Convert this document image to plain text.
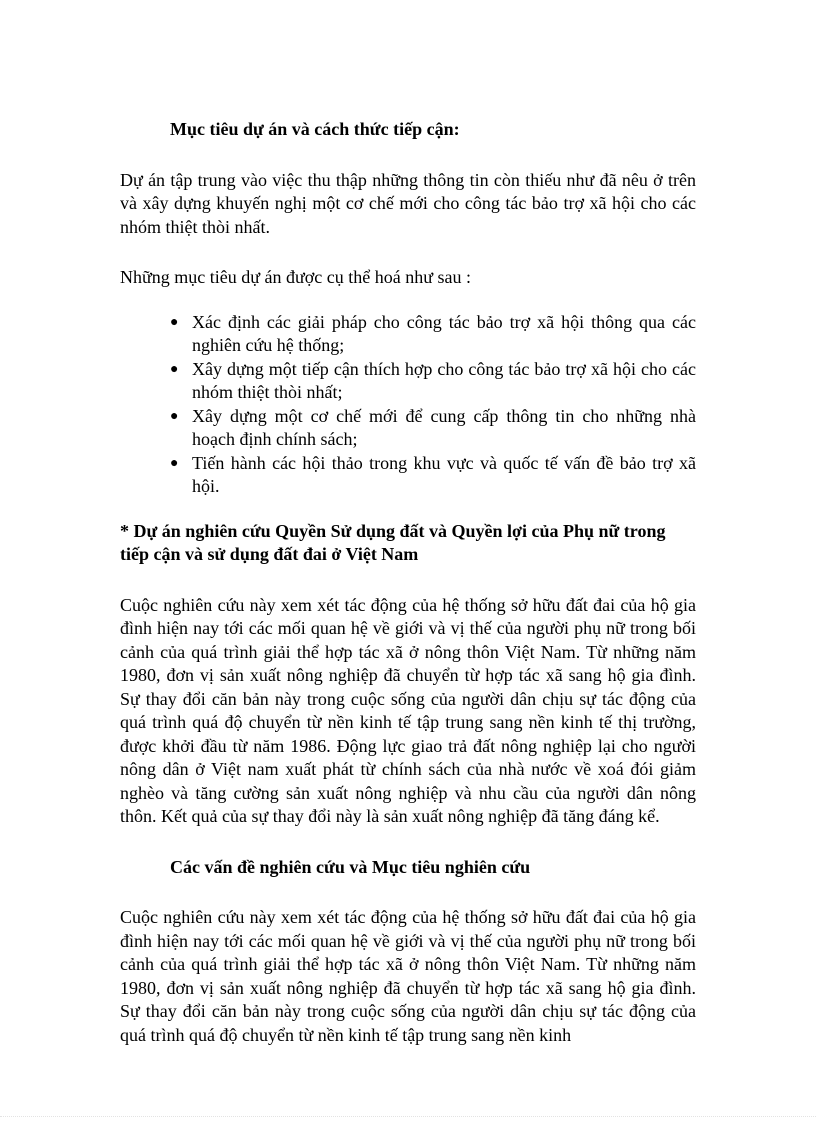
Mục tiêu dự án và cách thức tiếp cận:

Dự án tập trung vào việc thu thập những thông tin còn thiếu như đã nêu ở trên và xây dựng khuyến nghị một cơ chế mới cho công tác bảo trợ xã hội cho các nhóm thiệt thòi nhất.

Những mục tiêu dự án được cụ thể hoá như sau :

● Xác định các giải pháp cho công tác bảo trợ xã hội thông qua các nghiên cứu hệ thống;
● Xây dựng một tiếp cận thích hợp cho công tác bảo trợ xã hội cho các nhóm thiệt thòi nhất;
● Xây dựng một cơ chế mới để cung cấp thông tin cho những nhà hoạch định chính sách;
● Tiến hành các hội thảo trong khu vực và quốc tế vấn đề bảo trợ xã hội.

* Dự án nghiên cứu Quyền Sử dụng đất và Quyền lợi của Phụ nữ trong tiếp cận và sử dụng đất đai ở Việt Nam

Cuộc nghiên cứu này xem xét tác động của hệ thống sở hữu đất đai của hộ gia đình hiện nay tới các mối quan hệ về giới và vị thế của người phụ nữ trong bối cảnh của quá trình giải thể hợp tác xã ở nông thôn Việt Nam. Từ những năm 1980, đơn vị sản xuất nông nghiệp đã chuyển từ hợp tác xã sang hộ gia đình. Sự thay đổi căn bản này trong cuộc sống của người dân chịu sự tác động của quá trình quá độ chuyển từ nền kinh tế tập trung sang nền kinh tế thị trường, được khởi đầu từ năm 1986. Động lực giao trả đất nông nghiệp lại cho người nông dân ở Việt nam xuất phát từ chính sách của nhà nước về xoá đói giảm nghèo và tăng cường sản xuất nông nghiệp và nhu cầu của người dân nông thôn. Kết quả của sự thay đổi này là sản xuất nông nghiệp đã tăng đáng kể.

Các vấn đề nghiên cứu và Mục tiêu nghiên cứu

Cuộc nghiên cứu này xem xét tác động của hệ thống sở hữu đất đai của hộ gia đình hiện nay tới các mối quan hệ về giới và vị thế của người phụ nữ trong bối cảnh của quá trình giải thể hợp tác xã ở nông thôn Việt Nam. Từ những năm 1980, đơn vị sản xuất nông nghiệp đã chuyển từ hợp tác xã sang hộ gia đình. Sự thay đổi căn bản này trong cuộc sống của người dân chịu sự tác động của quá trình quá độ chuyển từ nền kinh tế tập trung sang nền kinh
